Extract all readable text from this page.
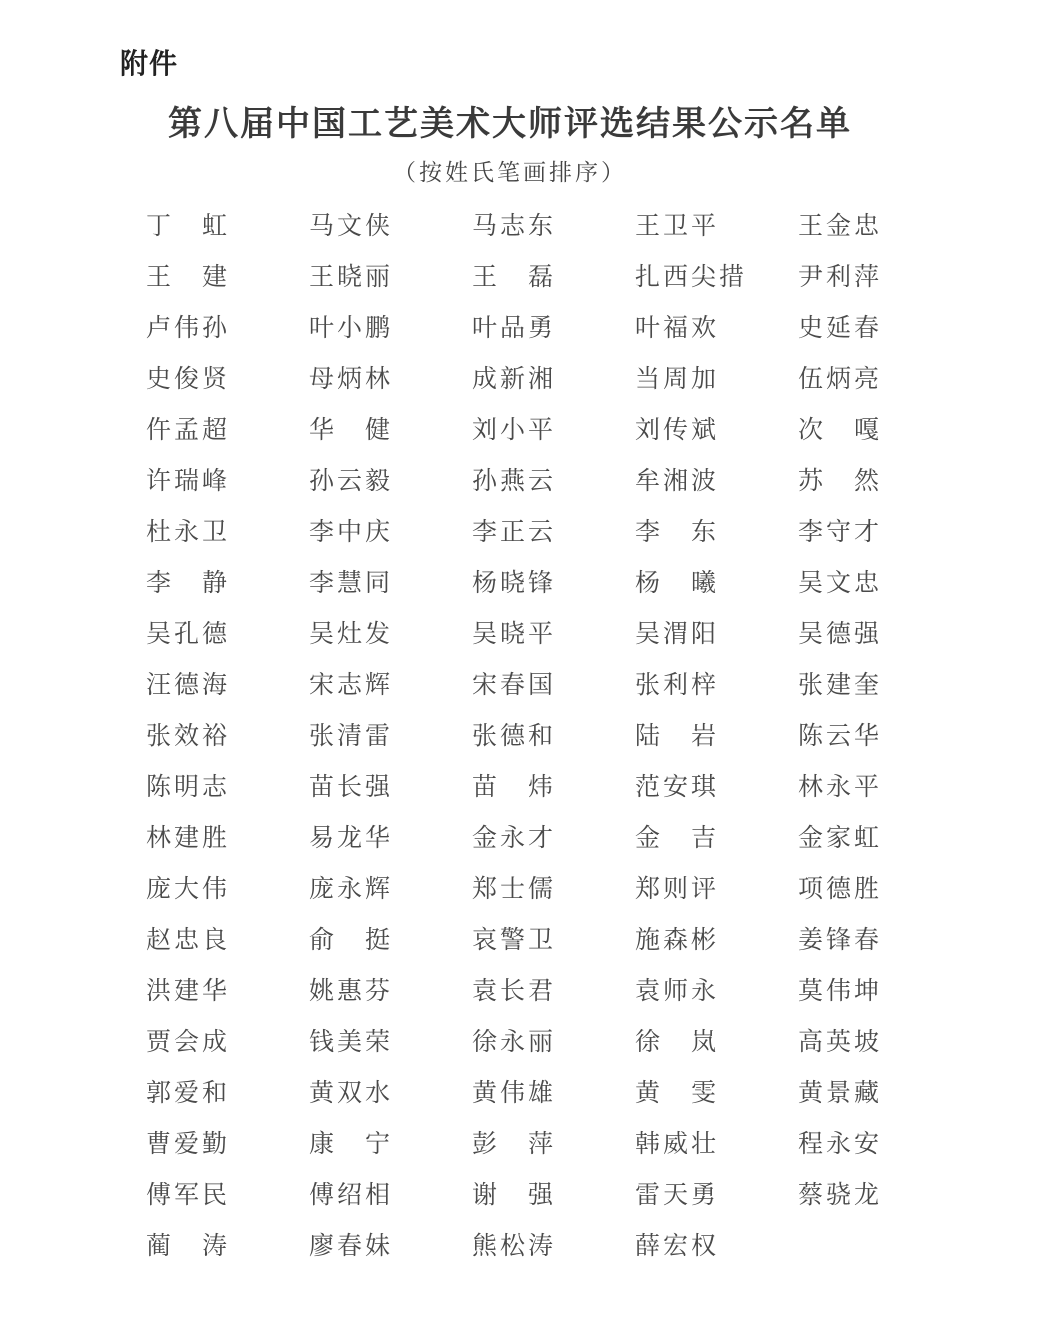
附件
第八届中国工艺美术大师评选结果公示名单
（按姓氏笔画排序）
丁　虹	马文侠	马志东	王卫平	王金忠
王　建	王晓丽	王　磊	扎西尖措	尹利萍
卢伟孙	叶小鹏	叶品勇	叶福欢	史延春
史俊贤	母炳林	成新湘	当周加	伍炳亮
仵孟超	华　健	刘小平	刘传斌	次　嘎
许瑞峰	孙云毅	孙燕云	牟湘波	苏　然
杜永卫	李中庆	李正云	李　东	李守才
李　静	李慧同	杨晓锋	杨　曦	吴文忠
吴孔德	吴灶发	吴晓平	吴渭阳	吴德强
汪德海	宋志辉	宋春国	张利梓	张建奎
张效裕	张清雷	张德和	陆　岩	陈云华
陈明志	苗长强	苗　炜	范安琪	林永平
林建胜	易龙华	金永才	金　吉	金家虹
庞大伟	庞永辉	郑士儒	郑则评	项德胜
赵忠良	俞　挺	哀警卫	施森彬	姜锋春
洪建华	姚惠芬	袁长君	袁师永	莫伟坤
贾会成	钱美荣	徐永丽	徐　岚	高英坡
郭爱和	黄双水	黄伟雄	黄　雯	黄景藏
曹爱勤	康　宁	彭　萍	韩威壮	程永安
傅军民	傅绍相	谢　强	雷天勇	蔡骁龙
蔺　涛	廖春妹	熊松涛	薛宏权
